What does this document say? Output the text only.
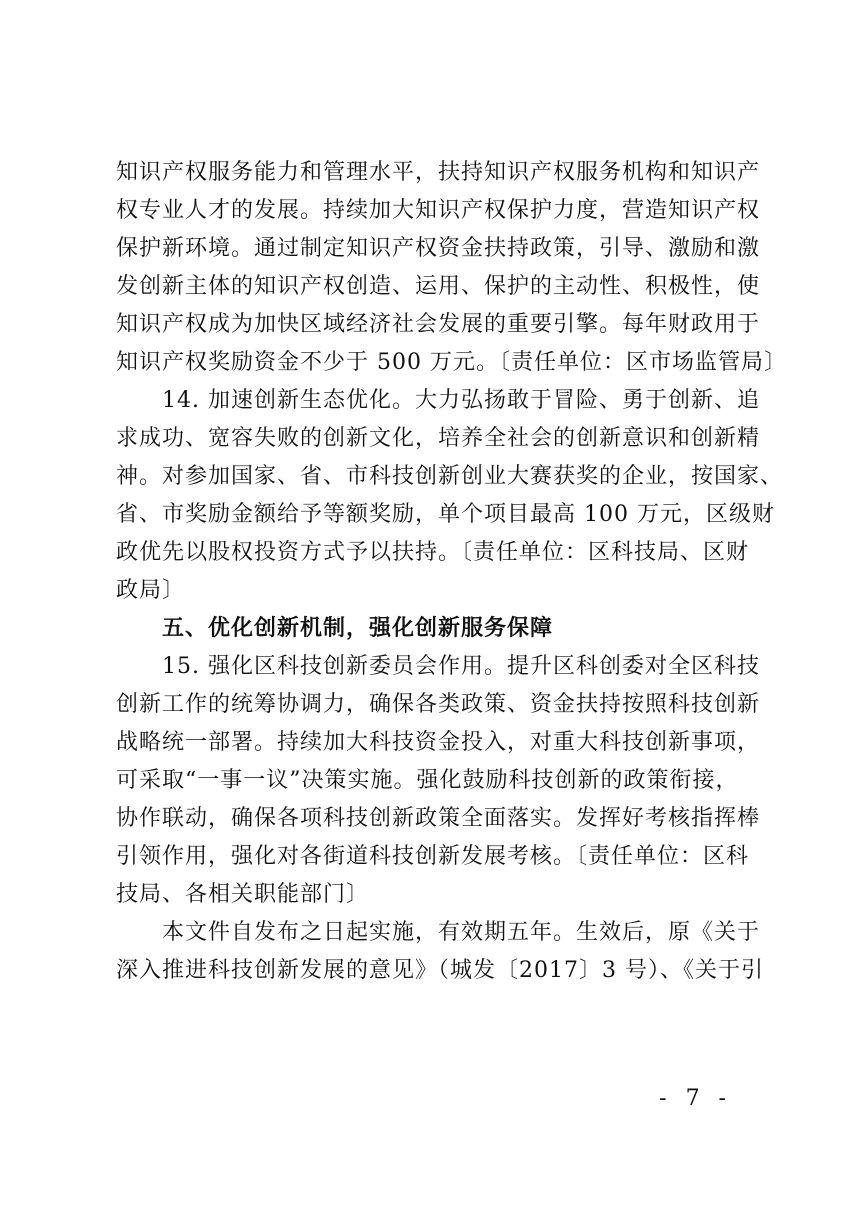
知识产权服务能力和管理水平，扶持知识产权服务机构和知识产
权专业人才的发展。持续加大知识产权保护力度，营造知识产权
保护新环境。通过制定知识产权资金扶持政策，引导、激励和激
发创新主体的知识产权创造、运用、保护的主动性、积极性，使
知识产权成为加快区域经济社会发展的重要引擎。每年财政用于
知识产权奖励资金不少于 500 万元。〔责任单位：区市场监管局〕
　　14. 加速创新生态优化。大力弘扬敢于冒险、勇于创新、追
求成功、宽容失败的创新文化，培养全社会的创新意识和创新精
神。对参加国家、省、市科技创新创业大赛获奖的企业，按国家、
省、市奖励金额给予等额奖励，单个项目最高 100 万元，区级财
政优先以股权投资方式予以扶持。〔责任单位：区科技局、区财
政局〕
　　五、优化创新机制，强化创新服务保障
　　15. 强化区科技创新委员会作用。提升区科创委对全区科技
创新工作的统筹协调力，确保各类政策、资金扶持按照科技创新
战略统一部署。持续加大科技资金投入，对重大科技创新事项，
可采取“一事一议”决策实施。强化鼓励科技创新的政策衔接，
协作联动，确保各项科技创新政策全面落实。发挥好考核指挥棒
引领作用，强化对各街道科技创新发展考核。〔责任单位：区科
技局、各相关职能部门〕
　　本文件自发布之日起实施，有效期五年。生效后，原《关于
深入推进科技创新发展的意见》（城发〔2017〕3 号）、《关于引
- 7 -
